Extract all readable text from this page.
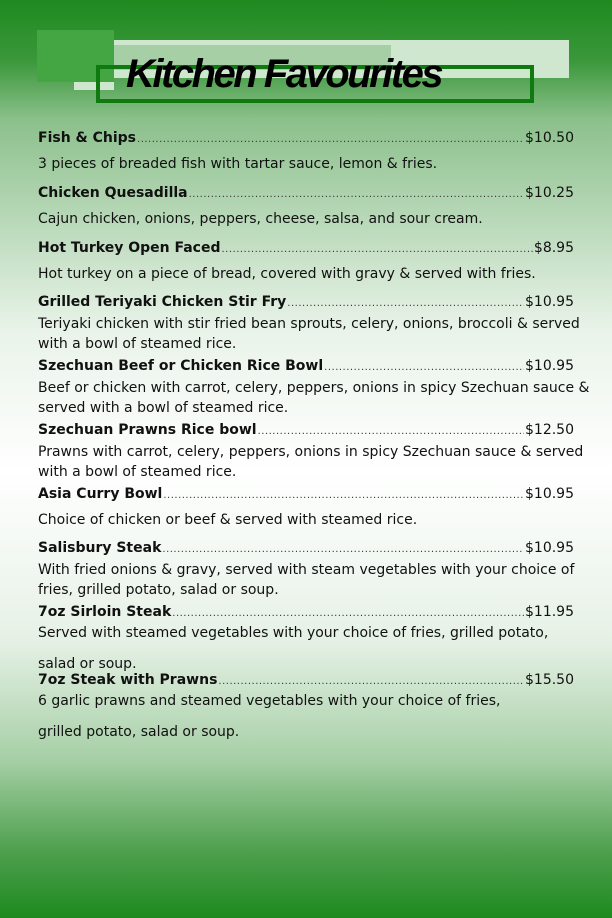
Kitchen Favourites
Fish & Chips .....	$10.50
3 pieces of breaded fish with tartar sauce, lemon & fries.
Chicken Quesadilla .....	$10.25
Cajun chicken, onions, peppers, cheese, salsa, and sour cream.
Hot Turkey Open Faced .....	$8.95
Hot turkey on a piece of bread, covered with gravy & served with fries.
Grilled Teriyaki Chicken Stir Fry .....	$10.95
Teriyaki chicken with stir fried bean sprouts, celery, onions, broccoli & served
with a bowl of steamed rice.
Szechuan Beef or Chicken Rice Bowl .....	$10.95
Beef or chicken with carrot, celery, peppers, onions in spicy Szechuan sauce &
served with a bowl of steamed rice.
Szechuan Prawns Rice bowl .....	$12.50
Prawns with carrot, celery, peppers, onions in spicy Szechuan sauce & served
with a bowl of steamed rice.
Asia Curry Bowl .....	$10.95
Choice of chicken or beef & served with steamed rice.
Salisbury Steak .....	$10.95
With fried onions & gravy, served with steam vegetables with your choice of
fries, grilled potato, salad or soup.
7oz Sirloin Steak .....	$11.95
Served with steamed vegetables with your choice of fries, grilled potato,
salad or soup.
7oz Steak with Prawns .....	$15.50
6 garlic prawns and steamed vegetables with your choice of fries,
grilled potato, salad or soup.
